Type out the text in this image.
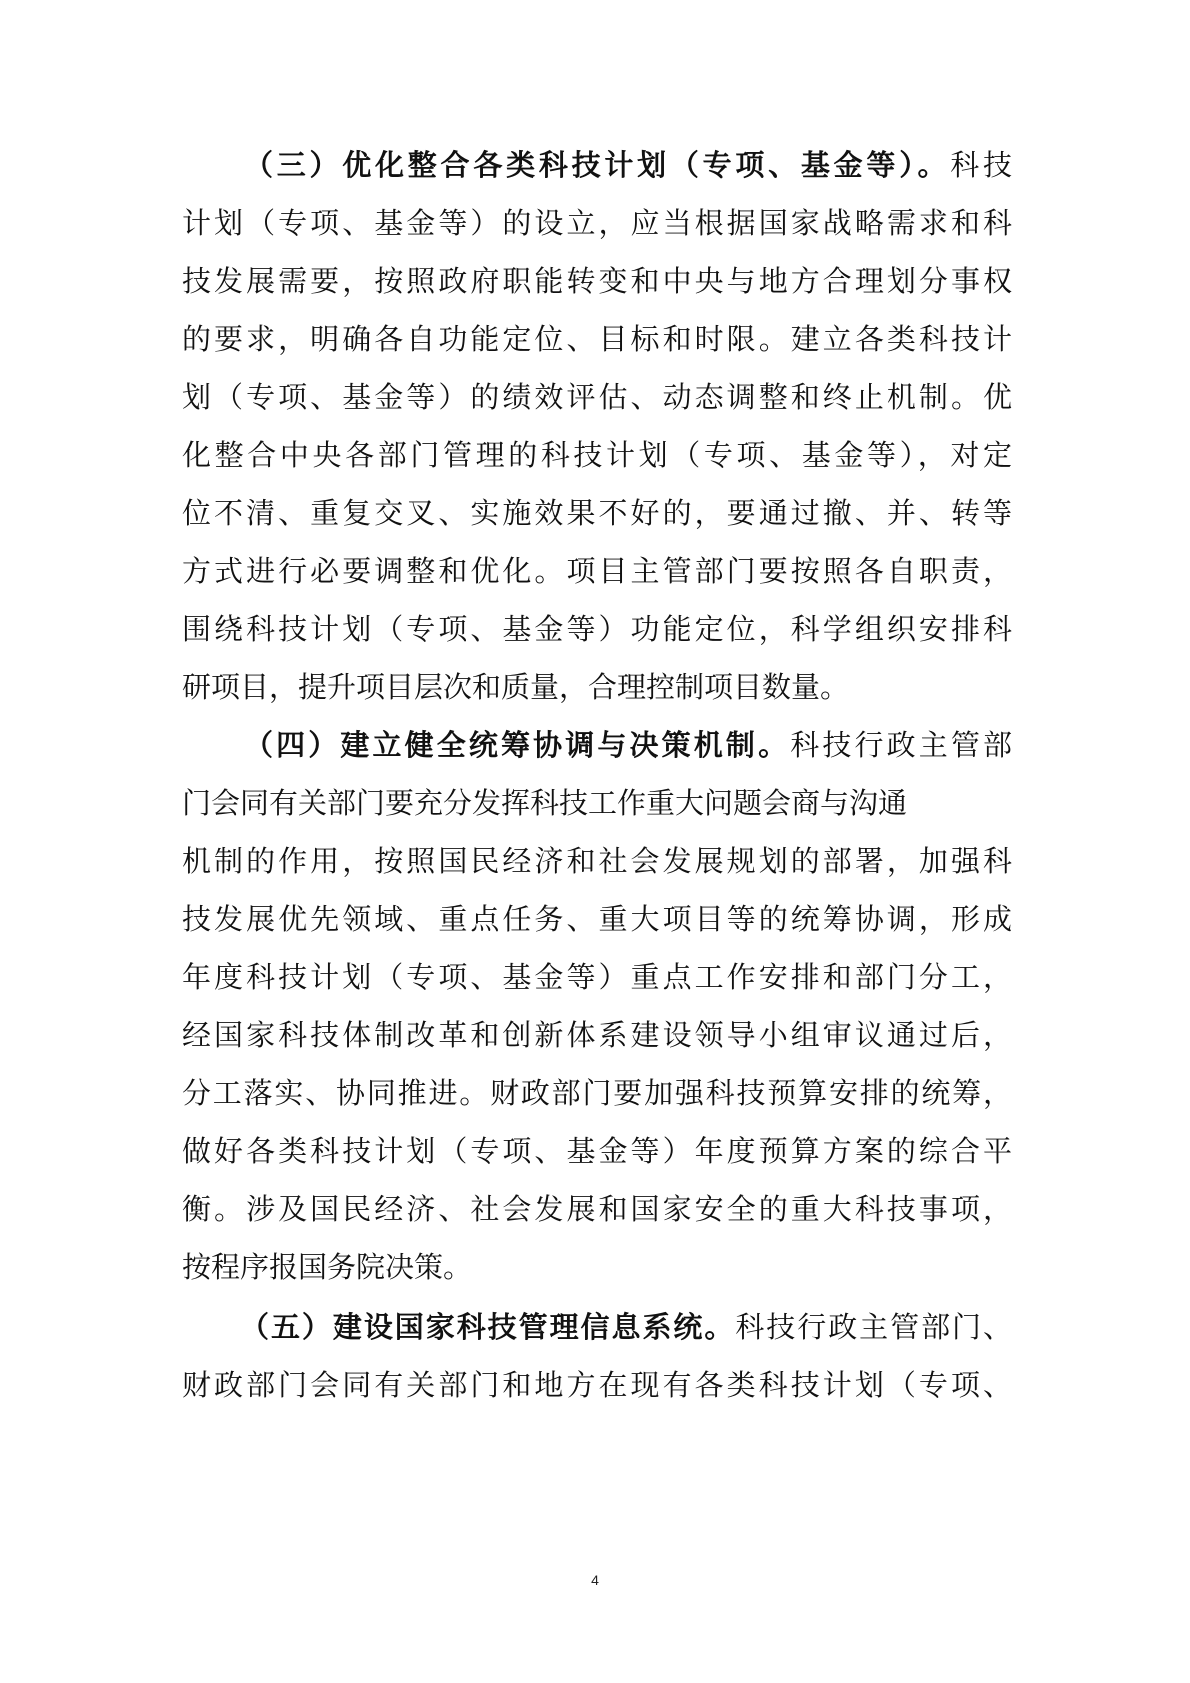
（三）优化整合各类科技计划（专项、基金等）。科技
计划（专项、基金等）的设立，应当根据国家战略需求和科
技发展需要，按照政府职能转变和中央与地方合理划分事权
的要求，明确各自功能定位、目标和时限。建立各类科技计
划（专项、基金等）的绩效评估、动态调整和终止机制。优
化整合中央各部门管理的科技计划（专项、基金等），对定
位不清、重复交叉、实施效果不好的，要通过撤、并、转等
方式进行必要调整和优化。项目主管部门要按照各自职责，
围绕科技计划（专项、基金等）功能定位，科学组织安排科
研项目，提升项目层次和质量，合理控制项目数量。
（四）建立健全统筹协调与决策机制。科技行政主管部
门会同有关部门要充分发挥科技工作重大问题会商与沟通
机制的作用，按照国民经济和社会发展规划的部署，加强科
技发展优先领域、重点任务、重大项目等的统筹协调，形成
年度科技计划（专项、基金等）重点工作安排和部门分工，
经国家科技体制改革和创新体系建设领导小组审议通过后，
分工落实、协同推进。财政部门要加强科技预算安排的统筹，
做好各类科技计划（专项、基金等）年度预算方案的综合平
衡。涉及国民经济、社会发展和国家安全的重大科技事项，
按程序报国务院决策。
（五）建设国家科技管理信息系统。科技行政主管部门、
财政部门会同有关部门和地方在现有各类科技计划（专项、
4
